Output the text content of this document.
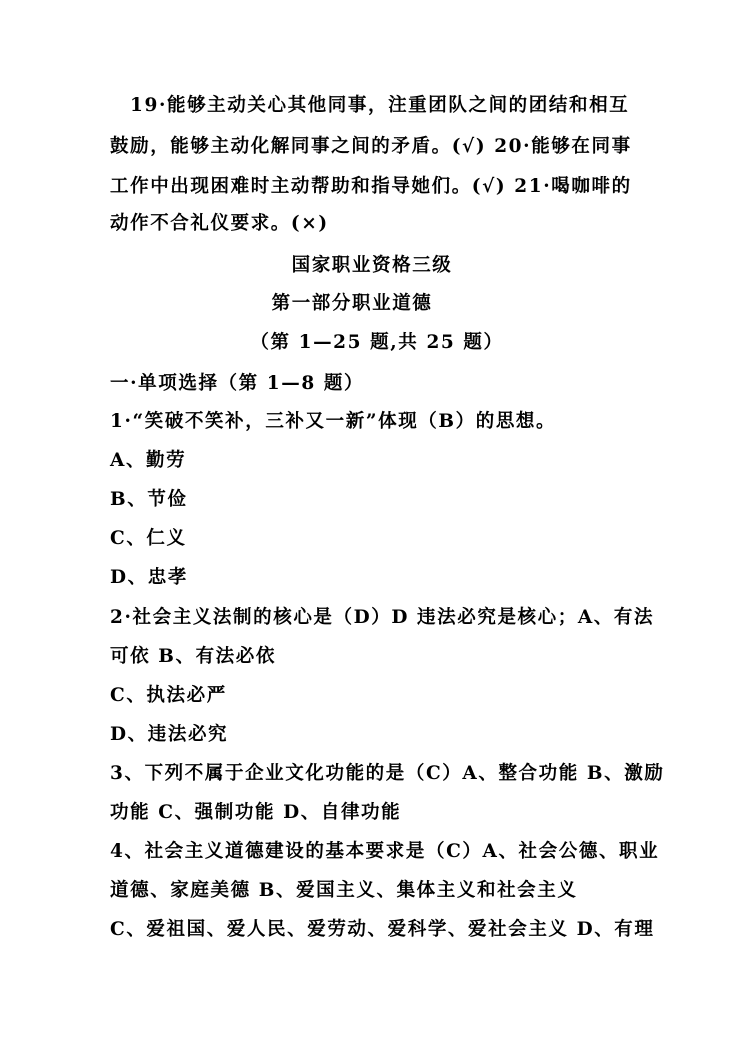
19·能够主动关心其他同事，注重团队之间的团结和相互
鼓励，能够主动化解同事之间的矛盾。(√) 20·能够在同事
工作中出现困难时主动帮助和指导她们。(√) 21·喝咖啡的
动作不合礼仪要求。(×)
国家职业资格三级
第一部分职业道德
（第 1—25 题,共 25 题）
一·单项选择（第 1—8 题）
1·“笑破不笑补，三补又一新”体现（B）的思想。
A、勤劳
B、节俭
C、仁义
D、忠孝
2·社会主义法制的核心是（D）D 违法必究是核心；A、有法
可依 B、有法必依
C、执法必严
D、违法必究
3、下列不属于企业文化功能的是（C）A、整合功能 B、激励
功能 C、强制功能 D、自律功能
4、社会主义道德建设的基本要求是（C）A、社会公德、职业
道德、家庭美德 B、爱国主义、集体主义和社会主义
C、爱祖国、爱人民、爱劳动、爱科学、爱社会主义 D、有理
